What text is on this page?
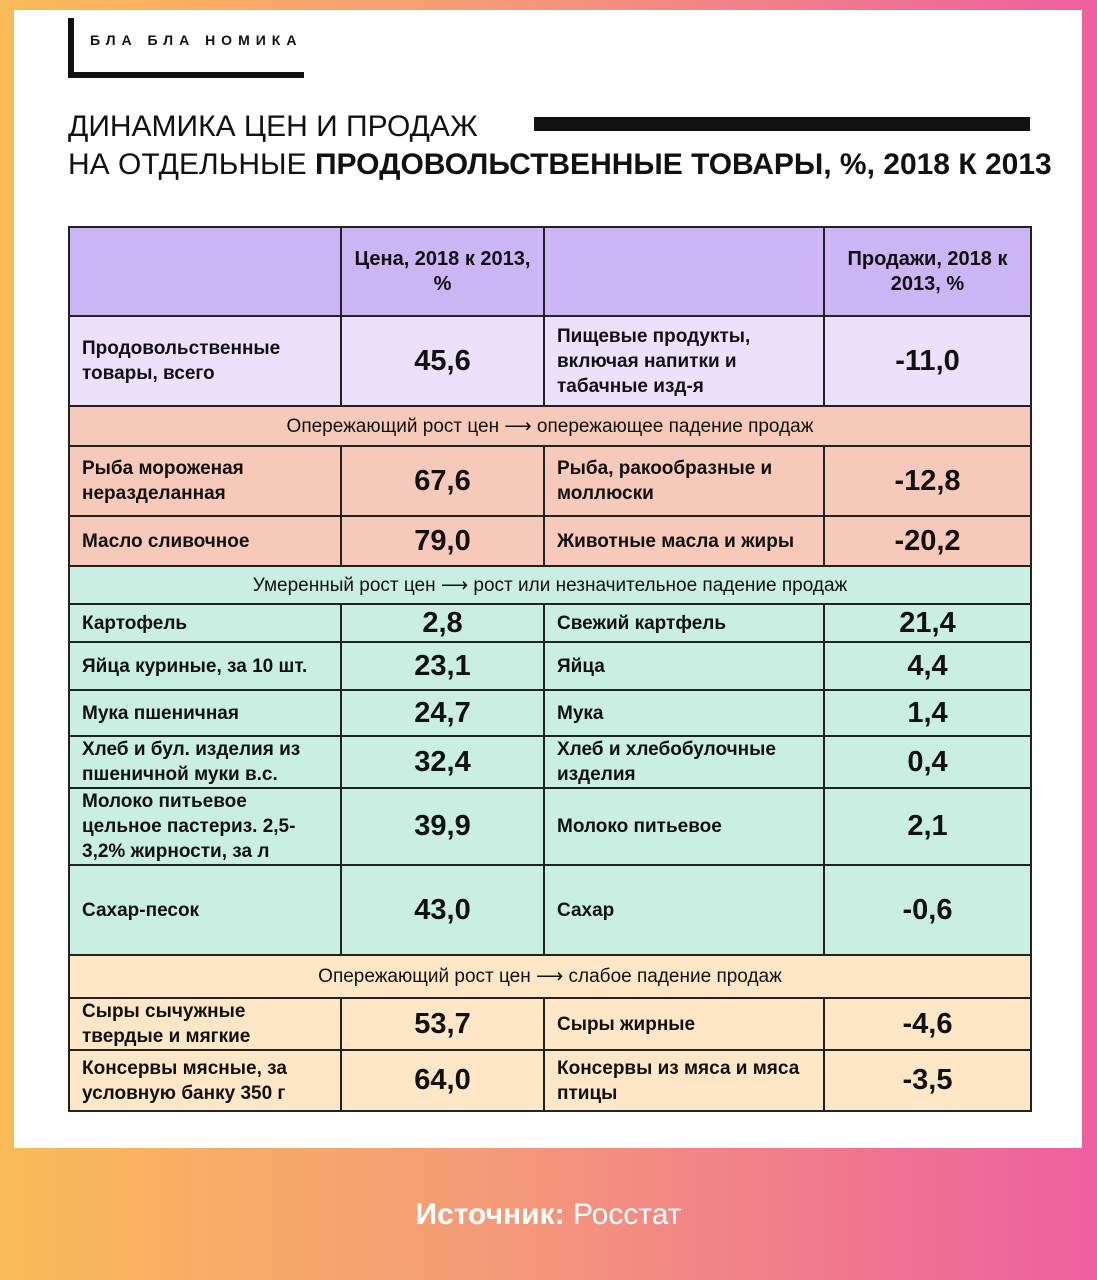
БЛА БЛА НОМИКА
ДИНАМИКА ЦЕН И ПРОДАЖ
НА ОТДЕЛЬНЫЕ ПРОДОВОЛЬСТВЕННЫЕ ТОВАРЫ, %, 2018 К 2013
	Цена, 2018 к 2013, %		Продажи, 2018 к 2013, %
Продовольственные товары, всего	45,6	Пищевые продукты, включая напитки и табачные изд-я	-11,0
Опережающий рост цен ⟶ опережающее падение продаж			
Рыба мороженая неразделанная	67,6	Рыба, ракообразные и моллюски	-12,8
Масло сливочное	79,0	Животные масла и жиры	-20,2
Умеренный рост цен ⟶ рост или незначительное падение продаж			
Картофель	2,8	Свежий картфель	21,4
Яйца куриные, за 10 шт.	23,1	Яйца	4,4
Мука пшеничная	24,7	Мука	1,4
Хлеб и бул. изделия из пшеничной муки в.с.	32,4	Хлеб и хлебобулочные изделия	0,4
Молоко питьевое цельное пастериз. 2,5-3,2% жирности, за л	39,9	Молоко питьевое	2,1
Сахар-песок	43,0	Сахар	-0,6
Опережающий рост цен ⟶ слабое падение продаж			
Сыры сычужные твердые и мягкие	53,7	Сыры жирные	-4,6
Консервы мясные, за условную банку 350 г	64,0	Консервы из мяса и мяса птицы	-3,5
Источник: Росстат
